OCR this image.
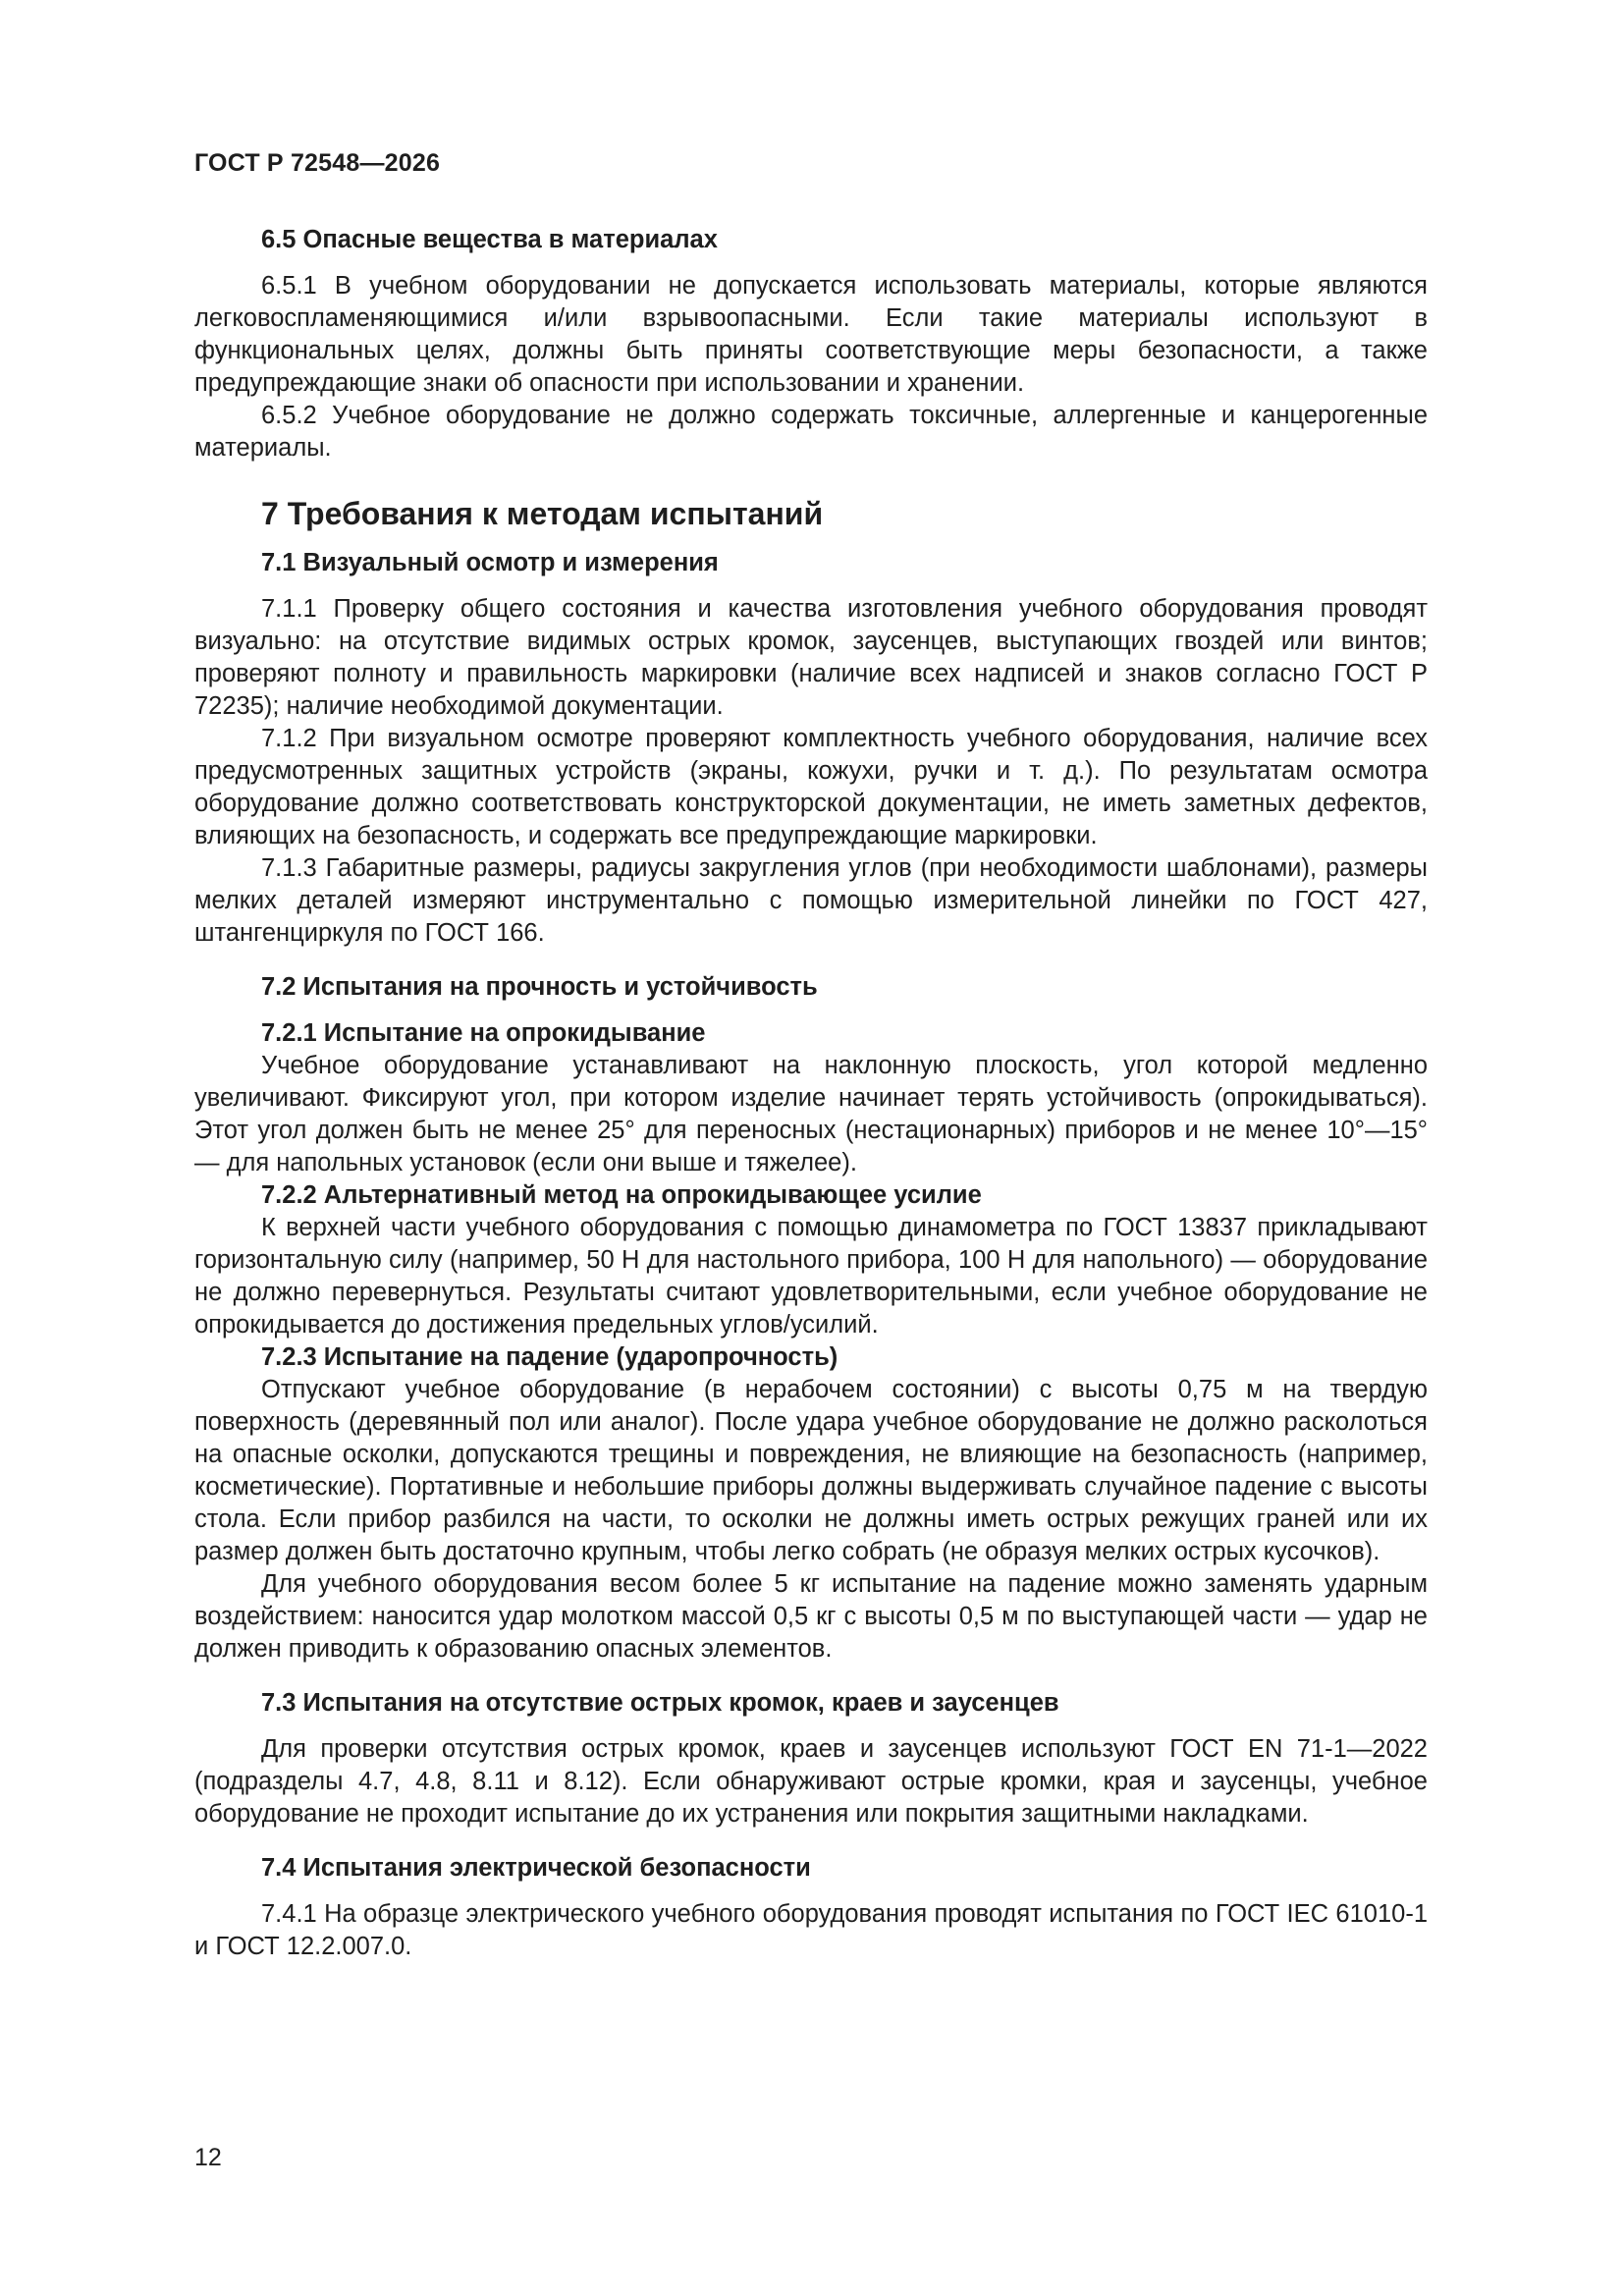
ГОСТ Р 72548—2026
6.5 Опасные вещества в материалах

6.5.1 В учебном оборудовании не допускается использовать материалы, которые являются легковоспламеняющимися и/или взрывоопасными. Если такие материалы используют в функциональных целях, должны быть приняты соответствующие меры безопасности, а также предупреждающие знаки об опасности при использовании и хранении.

6.5.2 Учебное оборудование не должно содержать токсичные, аллергенные и канцерогенные материалы.

7 Требования к методам испытаний
7.1 Визуальный осмотр и измерения

7.1.1 Проверку общего состояния и качества изготовления учебного оборудования проводят визуально: на отсутствие видимых острых кромок, заусенцев, выступающих гвоздей или винтов; проверяют полноту и правильность маркировки (наличие всех надписей и знаков согласно ГОСТ Р 72235); наличие необходимой документации.

7.1.2 При визуальном осмотре проверяют комплектность учебного оборудования, наличие всех предусмотренных защитных устройств (экраны, кожухи, ручки и т. д.). По результатам осмотра оборудование должно соответствовать конструкторской документации, не иметь заметных дефектов, влияющих на безопасность, и содержать все предупреждающие маркировки.

7.1.3 Габаритные размеры, радиусы закругления углов (при необходимости шаблонами), размеры мелких деталей измеряют инструментально с помощью измерительной линейки по ГОСТ 427, штангенциркуля по ГОСТ 166.

7.2 Испытания на прочность и устойчивость
7.2.1 Испытание на опрокидывание

Учебное оборудование устанавливают на наклонную плоскость, угол которой медленно увеличивают. Фиксируют угол, при котором изделие начинает терять устойчивость (опрокидываться). Этот угол должен быть не менее 25° для переносных (нестационарных) приборов и не менее 10°—15° — для напольных установок (если они выше и тяжелее).

7.2.2 Альтернативный метод на опрокидывающее усилие

К верхней части учебного оборудования с помощью динамометра по ГОСТ 13837 прикладывают горизонтальную силу (например, 50 Н для настольного прибора, 100 Н для напольного) — оборудование не должно перевернуться. Результаты считают удовлетворительными, если учебное оборудование не опрокидывается до достижения предельных углов/усилий.

7.2.3 Испытание на падение (ударопрочность)

Отпускают учебное оборудование (в нерабочем состоянии) с высоты 0,75 м на твердую поверхность (деревянный пол или аналог). После удара учебное оборудование не должно расколоться на опасные осколки, допускаются трещины и повреждения, не влияющие на безопасность (например, косметические). Портативные и небольшие приборы должны выдерживать случайное падение с высоты стола. Если прибор разбился на части, то осколки не должны иметь острых режущих граней или их размер должен быть достаточно крупным, чтобы легко собрать (не образуя мелких острых кусочков).

Для учебного оборудования весом более 5 кг испытание на падение можно заменять ударным воздействием: наносится удар молотком массой 0,5 кг с высоты 0,5 м по выступающей части — удар не должен приводить к образованию опасных элементов.

7.3 Испытания на отсутствие острых кромок, краев и заусенцев

Для проверки отсутствия острых кромок, краев и заусенцев используют ГОСТ EN 71-1—2022 (подразделы 4.7, 4.8, 8.11 и 8.12). Если обнаруживают острые кромки, края и заусенцы, учебное оборудование не проходит испытание до их устранения или покрытия защитными накладками.

7.4 Испытания электрической безопасности

7.4.1 На образце электрического учебного оборудования проводят испытания по ГОСТ IEC 61010-1 и ГОСТ 12.2.007.0.

12
